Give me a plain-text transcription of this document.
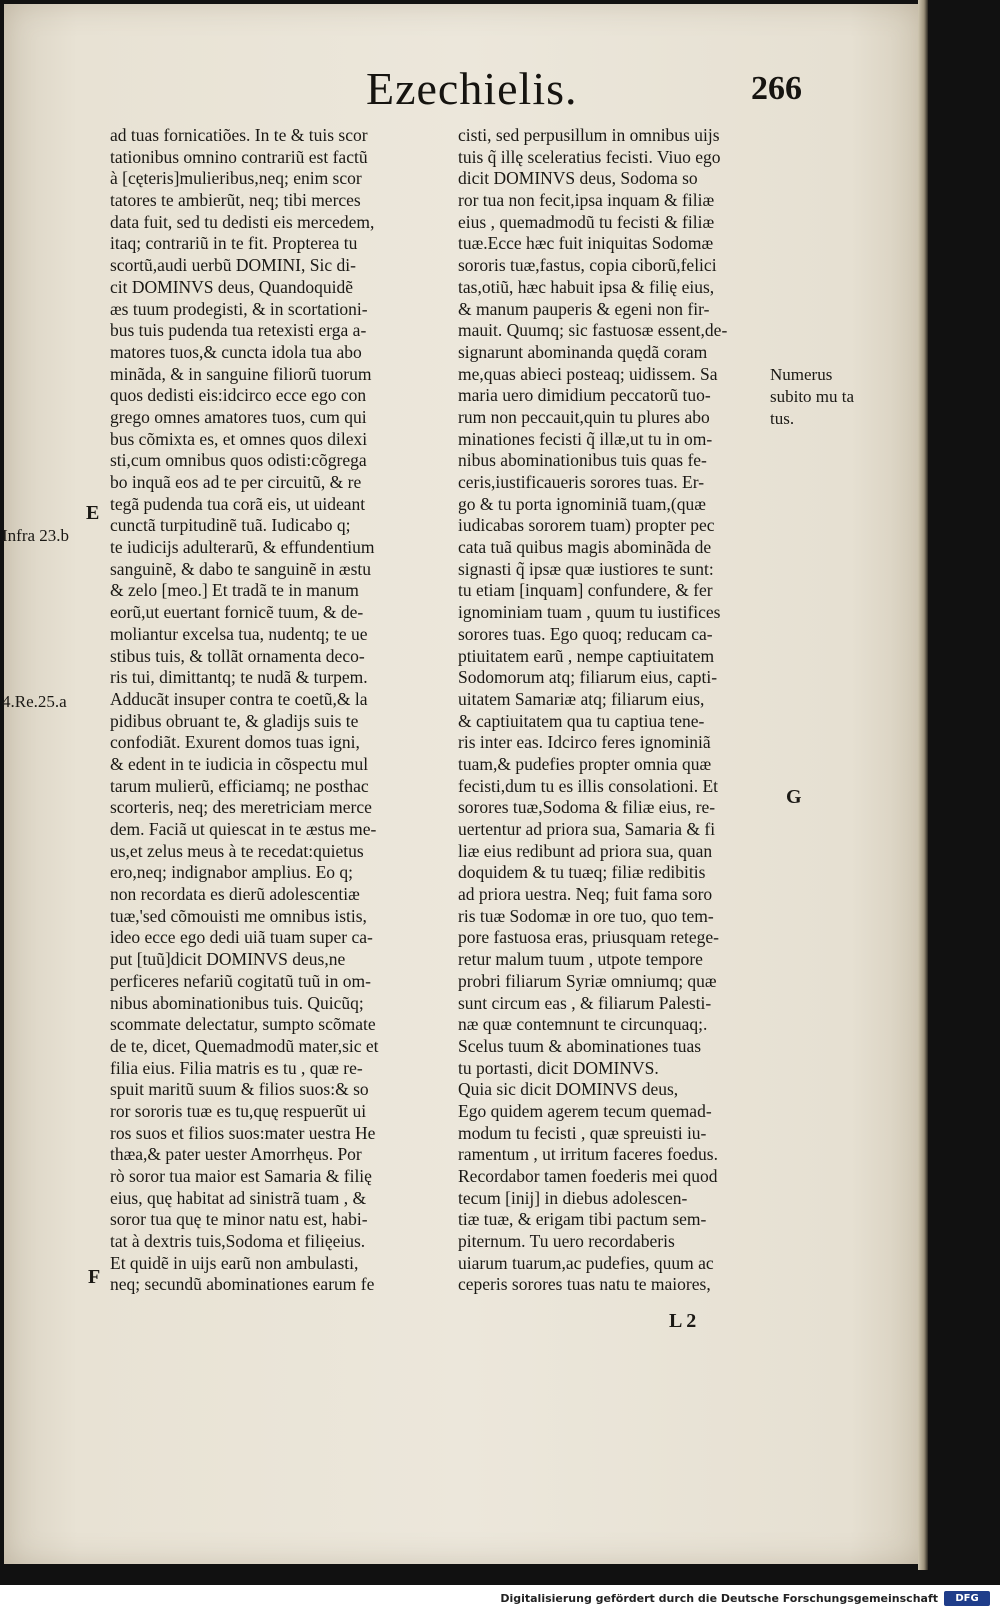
Ezechielis.	266
ad tuas fornicatiões. In te & tuis scor
tationibus omnino contrariũ est factũ
à [cęteris]mulieribus,neq; enim scor
tatores te ambierũt, neq; tibi merces
data fuit, sed tu dedisti eis mercedem,
itaq; contrariũ in te fit. Propterea tu
scortũ,audi uerbũ DOMINI, Sic di-
cit DOMINVS deus, Quandoquidẽ
æs tuum prodegisti, & in scortationi-
bus tuis pudenda tua retexisti erga a-
matores tuos,& cuncta idola tua abo
minãda, & in sanguine filiorũ tuorum
quos dedisti eis:idcirco ecce ego con
grego omnes amatores tuos, cum qui
bus cõmixta es, et omnes quos dilexi
sti,cum omnibus quos odisti:cõgrega
bo inquã eos ad te per circuitũ, & re
tegã pudenda tua corã eis, ut uideant
cunctã turpitudinẽ tuã. Iudicabo q;
te iudicijs adulterarũ, & effundentium
sanguinẽ, & dabo te sanguinẽ in æstu
& zelo [meo.] Et tradã te in manum
eorũ,ut euertant fornicẽ tuum, & de-
moliantur excelsa tua, nudentq; te ue
stibus tuis, & tollãt ornamenta deco-
ris tui, dimittantq; te nudã & turpem.
Adducãt insuper contra te coetũ,& la
pidibus obruant te, & gladijs suis te
confodiãt. Exurent domos tuas igni,
& edent in te iudicia in cõspectu mul
tarum mulierũ, efficiamq; ne posthac
scorteris, neq; des meretriciam merce
dem. Faciã ut quiescat in te æstus me-
us,et zelus meus à te recedat:quietus
ero,neq; indignabor amplius. Eo q;
non recordata es dierũ adolescentiæ
tuæ,'sed cõmouisti me omnibus istis,
ideo ecce ego dedi uiã tuam super ca-
put [tuũ]dicit DOMINVS deus,ne
perficeres nefariũ cogitatũ tuũ in om-
nibus abominationibus tuis. Quicũq;
scommate delectatur, sumpto scõmate
de te, dicet, Quemadmodũ mater,sic et
filia eius. Filia matris es tu , quæ re-
spuit maritũ suum & filios suos:& so
ror sororis tuæ es tu,quę respuerũt ui
ros suos et filios suos:mater uestra He
thæa,& pater uester Amorrhęus. Por
rò soror tua maior est Samaria & filię
eius, quę habitat ad sinistrã tuam , &
soror tua quę te minor natu est, habi-
tat à dextris tuis,Sodoma et filięeius.
Et quidẽ in uijs earũ non ambulasti,
neq; secundũ abominationes earum fe
cisti, sed perpusillum in omnibus uijs
tuis q̃ illę sceleratius fecisti. Viuo ego
dicit DOMINVS deus, Sodoma so
ror tua non fecit,ipsa inquam & filiæ
eius , quemadmodũ tu fecisti & filiæ
tuæ.Ecce hæc fuit iniquitas Sodomæ
sororis tuæ,fastus, copia ciborũ,felici
tas,otiũ, hæc habuit ipsa & filię eius,
& manum pauperis & egeni non fir-
mauit. Quumq; sic fastuosæ essent,de-
signarunt abominanda quędã coram
me,quas abieci posteaq; uidissem. Sa
maria uero dimidium peccatorũ tuo-
rum non peccauit,quin tu plures abo
minationes fecisti q̃ illæ,ut tu in om-
nibus abominationibus tuis quas fe-
ceris,iustificaueris sorores tuas. Er-
go & tu porta ignominiã tuam,(quæ
iudicabas sororem tuam) propter pec
cata tuã quibus magis abominãda de
signasti q̃ ipsæ quæ iustiores te sunt:
tu etiam [inquam] confundere, & fer
ignominiam tuam , quum tu iustifices
sorores tuas. Ego quoq; reducam ca-
ptiuitatem earũ , nempe captiuitatem
Sodomorum atq; filiarum eius, capti-
uitatem Samariæ atq; filiarum eius,
& captiuitatem qua tu captiua tene-
ris inter eas. Idcirco feres ignominiã
tuam,& pudefies propter omnia quæ
fecisti,dum tu es illis consolationi. Et
sorores tuæ,Sodoma & filiæ eius, re-
uertentur ad priora sua, Samaria & fi
liæ eius redibunt ad priora sua, quan
doquidem & tu tuæq; filiæ redibitis
ad priora uestra. Neq; fuit fama soro
ris tuæ Sodomæ in ore tuo, quo tem-
pore fastuosa eras, priusquam retege-
retur malum tuum , utpote tempore
probri filiarum Syriæ omniumq; quæ
sunt circum eas , & filiarum Palesti-
næ quæ contemnunt te circunquaq;.
Scelus tuum & abominationes tuas
tu portasti, dicit DOMINVS.
Quia sic dicit DOMINVS deus,
Ego quidem agerem tecum quemad-
modum tu fecisti , quæ spreuisti iu-
ramentum , ut irritum faceres foedus.
Recordabor tamen foederis mei quod
tecum [inij] in diebus adolescen-
tiæ tuæ, & erigam tibi pactum sem-
piternum. Tu uero recordaberis
uiarum tuarum,ac pudefies, quum ac
ceperis sorores tuas natu te maiores,
Numerus
subito mu ta
tus.
E
Infra 23.b
4.Re.25.a
G
F
L 2
Digitalisierung gefördert durch die Deutsche Forschungsgemeinschaft	DFG
